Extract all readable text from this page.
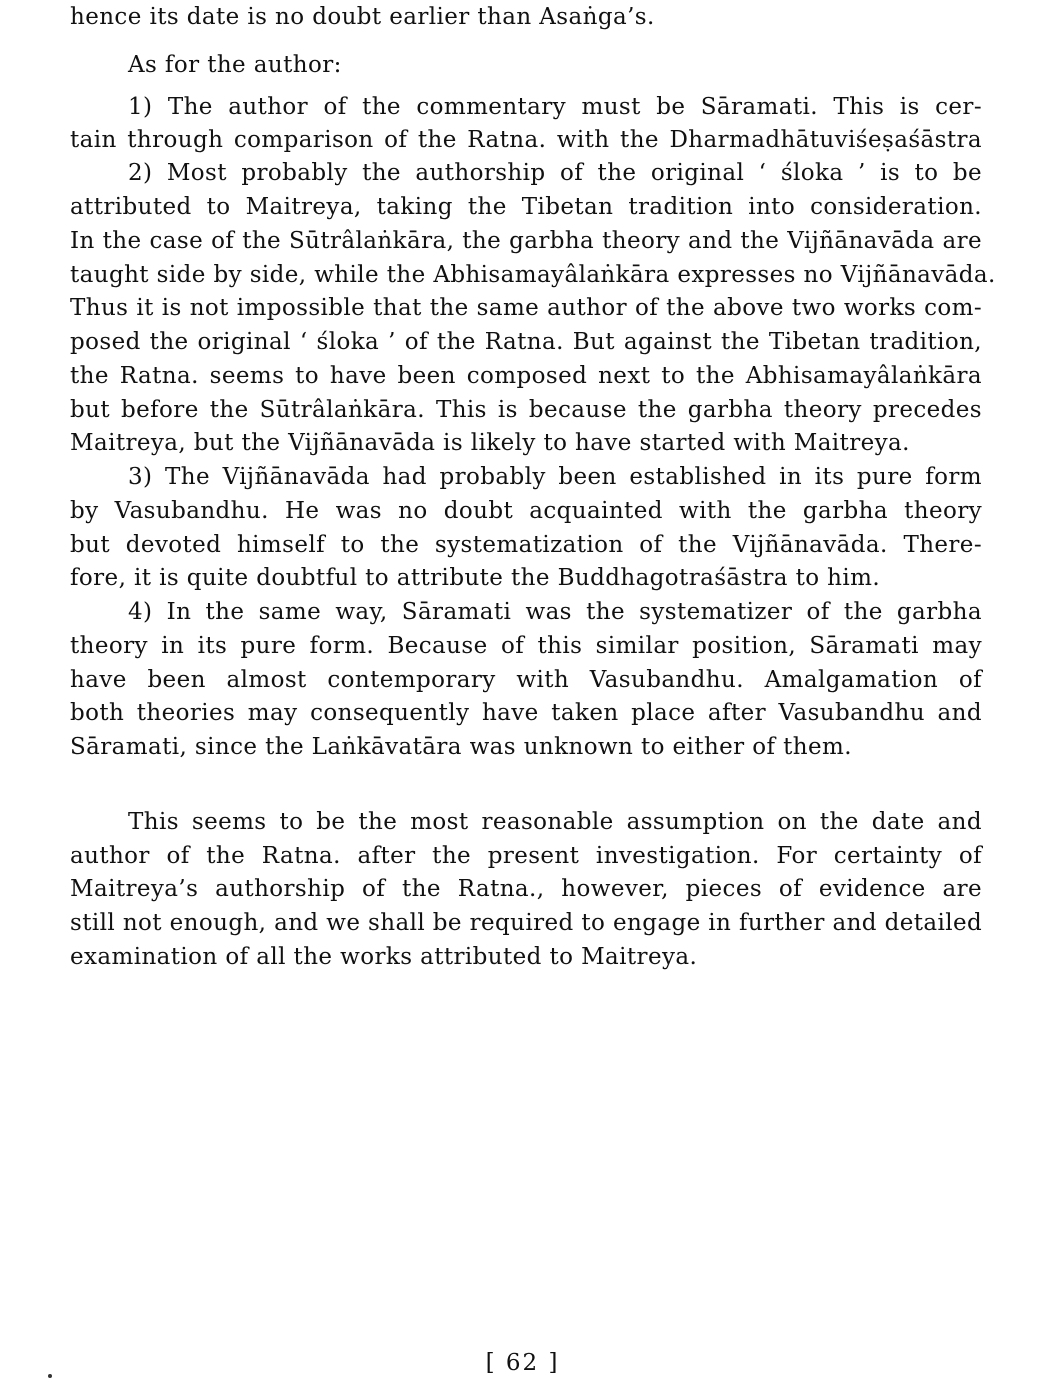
hence its date is no doubt earlier than Asaṅga’s.
As for the author:
1) The author of the commentary must be Sāramati. This is cer-
tain through comparison of the Ratna. with the Dharmadhātuviśeṣaśāstra
2) Most probably the authorship of the original ‘ śloka ’ is to be
attributed to Maitreya, taking the Tibetan tradition into consideration.
In the case of the Sūtrâlaṅkāra, the garbha theory and the Vijñānavāda are
taught side by side, while the Abhisamayâlaṅkāra expresses no Vijñānavāda.
Thus it is not impossible that the same author of the above two works com-
posed the original ‘ śloka ’ of the Ratna. But against the Tibetan tradition,
the Ratna. seems to have been composed next to the Abhisamayâlaṅkāra
but before the Sūtrâlaṅkāra. This is because the garbha theory precedes
Maitreya, but the Vijñānavāda is likely to have started with Maitreya.
3) The Vijñānavāda had probably been established in its pure form
by Vasubandhu. He was no doubt acquainted with the garbha theory
but devoted himself to the systematization of the Vijñānavāda. There-
fore, it is quite doubtful to attribute the Buddhagotraśāstra to him.
4) In the same way, Sāramati was the systematizer of the garbha
theory in its pure form. Because of this similar position, Sāramati may
have been almost contemporary with Vasubandhu. Amalgamation of
both theories may consequently have taken place after Vasubandhu and
Sāramati, since the Laṅkāvatāra was unknown to either of them.
This seems to be the most reasonable assumption on the date and
author of the Ratna. after the present investigation. For certainty of
Maitreya’s authorship of the Ratna., however, pieces of evidence are
still not enough, and we shall be required to engage in further and detailed
examination of all the works attributed to Maitreya.
[ 62 ]
